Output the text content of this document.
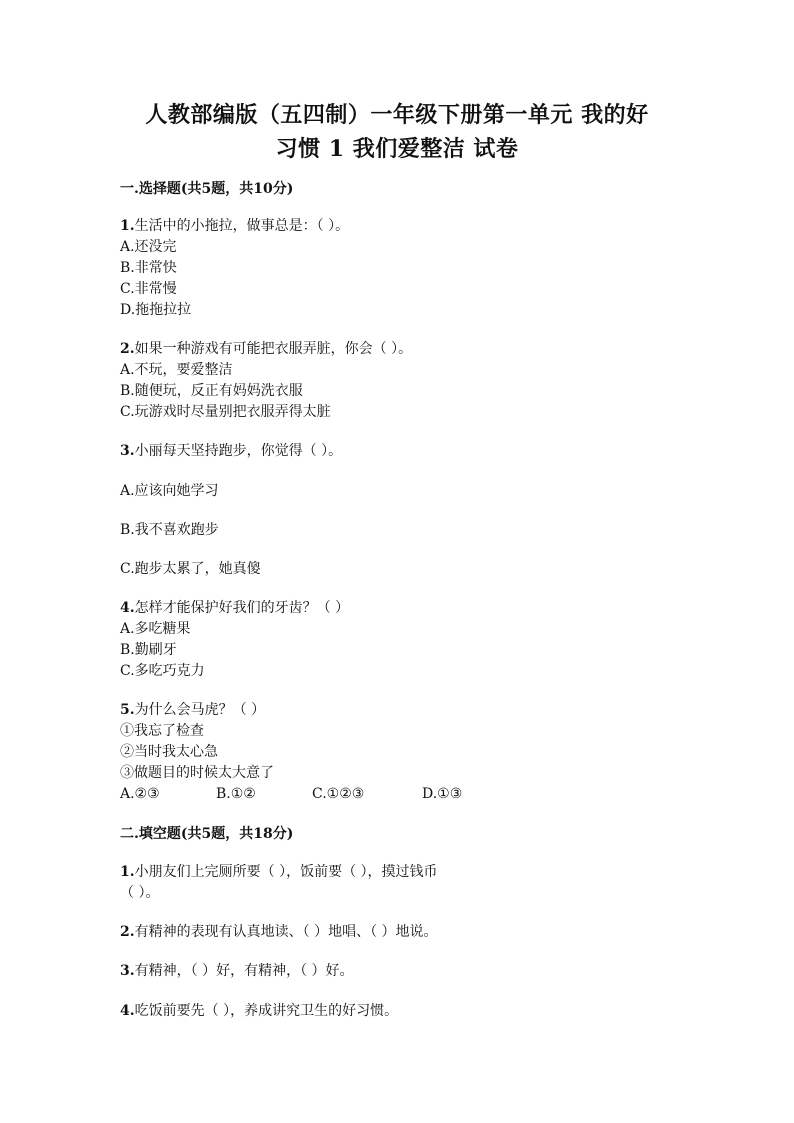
人教部编版（五四制）一年级下册第一单元 我的好
习惯 1 我们爱整洁 试卷
一.选择题(共5题，共10分)
1.生活中的小拖拉，做事总是：（ ）。
A.还没完
B.非常快
C.非常慢
D.拖拖拉拉
2.如果一种游戏有可能把衣服弄脏，你会（ ）。
A.不玩，要爱整洁
B.随便玩，反正有妈妈洗衣服
C.玩游戏时尽量别把衣服弄得太脏
3.小丽每天坚持跑步，你觉得（ ）。
A.应该向她学习
B.我不喜欢跑步
C.跑步太累了，她真傻
4.怎样才能保护好我们的牙齿？（ ）
A.多吃糖果
B.勤刷牙
C.多吃巧克力
5.为什么会马虎？（ ）
①我忘了检查
②当时我太心急
③做题目的时候太大意了
A.②③	B.①②	C.①②③	D.①③
二.填空题(共5题，共18分)
1.小朋友们上完厕所要（ ），饭前要（ ），摸过钱币
（ ）。
2.有精神的表现有认真地读、（ ）地唱、（ ）地说。
3.有精神，（ ）好，有精神，（ ）好。
4.吃饭前要先（ ），养成讲究卫生的好习惯。
